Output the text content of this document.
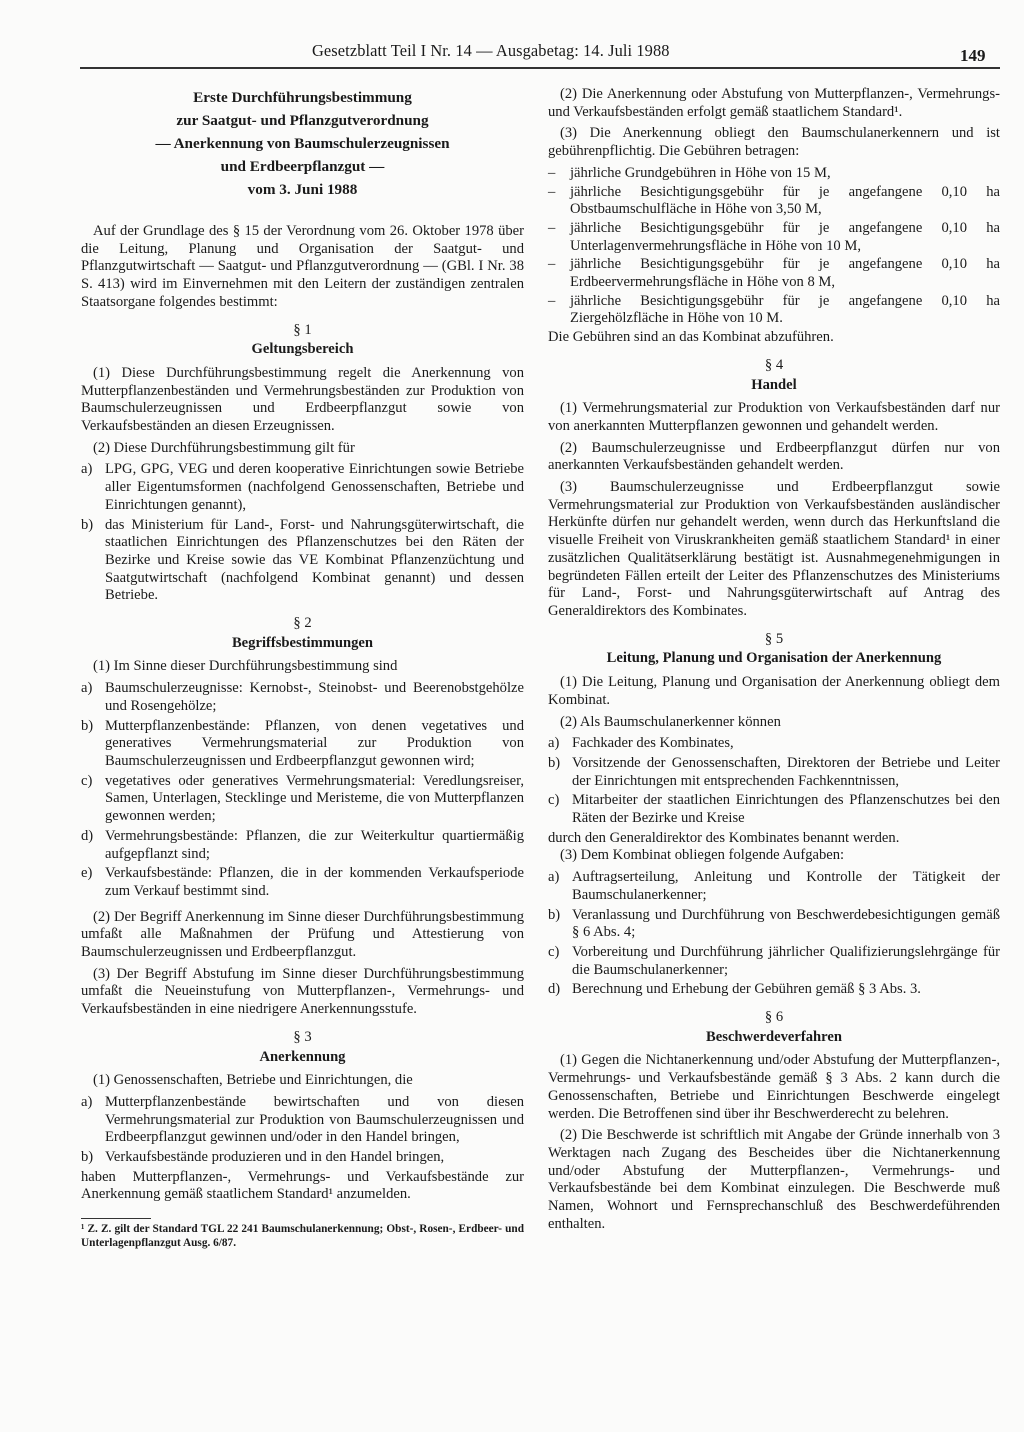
Gesetzblatt Teil I Nr. 14 — Ausgabetag: 14. Juli 1988	149
Erste Durchführungsbestimmung
zur Saatgut- und Pflanzgutverordnung
— Anerkennung von Baumschulerzeugnissen
und Erdbeerpflanzgut —
vom 3. Juni 1988

Auf der Grundlage des § 15 der Verordnung vom 26. Oktober 1978 über die Leitung, Planung und Organisation der Saatgut- und Pflanzgutwirtschaft — Saatgut- und Pflanzgutverordnung — (GBl. I Nr. 38 S. 413) wird im Einvernehmen mit den Leitern der zuständigen zentralen Staatsorgane folgendes bestimmt:

§ 1

Geltungsbereich

(1) Diese Durchführungsbestimmung regelt die Anerkennung von Mutterpflanzenbeständen und Vermehrungsbeständen zur Produktion von Baumschulerzeugnissen und Erdbeerpflanzgut sowie von Verkaufsbeständen an diesen Erzeugnissen.

(2) Diese Durchführungsbestimmung gilt für

a) LPG, GPG, VEG und deren kooperative Einrichtungen sowie Betriebe aller Eigentumsformen (nachfolgend Genossenschaften, Betriebe und Einrichtungen genannt),
b) das Ministerium für Land-, Forst- und Nahrungsgüterwirtschaft, die staatlichen Einrichtungen des Pflanzenschutzes bei den Räten der Bezirke und Kreise sowie das VE Kombinat Pflanzenzüchtung und Saatgutwirtschaft (nachfolgend Kombinat genannt) und dessen Betriebe.

§ 2

Begriffsbestimmungen

(1) Im Sinne dieser Durchführungsbestimmung sind

a) Baumschulerzeugnisse: Kernobst-, Steinobst- und Beerenobstgehölze und Rosengehölze;
b) Mutterpflanzenbestände: Pflanzen, von denen vegetatives und generatives Vermehrungsmaterial zur Produktion von Baumschulerzeugnissen und Erdbeerpflanzgut gewonnen wird;
c) vegetatives oder generatives Vermehrungsmaterial: Veredlungsreiser, Samen, Unterlagen, Stecklinge und Meristeme, die von Mutterpflanzen gewonnen werden;
d) Vermehrungsbestände: Pflanzen, die zur Weiterkultur quartiermäßig aufgepflanzt sind;
e) Verkaufsbestände: Pflanzen, die in der kommenden Verkaufsperiode zum Verkauf bestimmt sind.

(2) Der Begriff Anerkennung im Sinne dieser Durchführungsbestimmung umfaßt alle Maßnahmen der Prüfung und Attestierung von Baumschulerzeugnissen und Erdbeerpflanzgut.

(3) Der Begriff Abstufung im Sinne dieser Durchführungsbestimmung umfaßt die Neueinstufung von Mutterpflanzen-, Vermehrungs- und Verkaufsbeständen in eine niedrigere Anerkennungsstufe.

§ 3

Anerkennung

(1) Genossenschaften, Betriebe und Einrichtungen, die

a) Mutterpflanzenbestände bewirtschaften und von diesen Vermehrungsmaterial zur Produktion von Baumschulerzeugnissen und Erdbeerpflanzgut gewinnen und/oder in den Handel bringen,
b) Verkaufsbestände produzieren und in den Handel bringen,

haben Mutterpflanzen-, Vermehrungs- und Verkaufsbestände zur Anerkennung gemäß staatlichem Standard¹ anzumelden.

¹ Z. Z. gilt der Standard TGL 22 241 Baumschulanerkennung; Obst-, Rosen-, Erdbeer- und Unterlagenpflanzgut Ausg. 6/87.

(2) Die Anerkennung oder Abstufung von Mutterpflanzen-, Vermehrungs- und Verkaufsbeständen erfolgt gemäß staatlichem Standard¹.

(3) Die Anerkennung obliegt den Baumschulanerkennern und ist gebührenpflichtig. Die Gebühren betragen:

–	jährliche Grundgebühren in Höhe von 15 M,
–	jährliche Besichtigungsgebühr für je angefangene 0,10 ha Obstbaumschulfläche in Höhe von 3,50 M,
–	jährliche Besichtigungsgebühr für je angefangene 0,10 ha Unterlagenvermehrungsfläche in Höhe von 10 M,
–	jährliche Besichtigungsgebühr für je angefangene 0,10 ha Erdbeervermehrungsfläche in Höhe von 8 M,
–	jährliche Besichtigungsgebühr für je angefangene 0,10 ha Ziergehölzfläche in Höhe von 10 M.

Die Gebühren sind an das Kombinat abzuführen.

§ 4

Handel

(1) Vermehrungsmaterial zur Produktion von Verkaufsbeständen darf nur von anerkannten Mutterpflanzen gewonnen und gehandelt werden.

(2) Baumschulerzeugnisse und Erdbeerpflanzgut dürfen nur von anerkannten Verkaufsbeständen gehandelt werden.

(3) Baumschulerzeugnisse und Erdbeerpflanzgut sowie Vermehrungsmaterial zur Produktion von Verkaufsbeständen ausländischer Herkünfte dürfen nur gehandelt werden, wenn durch das Herkunftsland die visuelle Freiheit von Viruskrankheiten gemäß staatlichem Standard¹ in einer zusätzlichen Qualitätserklärung bestätigt ist. Ausnahmegenehmigungen in begründeten Fällen erteilt der Leiter des Pflanzenschutzes des Ministeriums für Land-, Forst- und Nahrungsgüterwirtschaft auf Antrag des Generaldirektors des Kombinates.

§ 5

Leitung, Planung und Organisation der Anerkennung

(1) Die Leitung, Planung und Organisation der Anerkennung obliegt dem Kombinat.

(2) Als Baumschulanerkenner können

a) Fachkader des Kombinates,
b) Vorsitzende der Genossenschaften, Direktoren der Betriebe und Leiter der Einrichtungen mit entsprechenden Fachkenntnissen,
c) Mitarbeiter der staatlichen Einrichtungen des Pflanzenschutzes bei den Räten der Bezirke und Kreise

durch den Generaldirektor des Kombinates benannt werden.

(3) Dem Kombinat obliegen folgende Aufgaben:

a) Auftragserteilung, Anleitung und Kontrolle der Tätigkeit der Baumschulanerkenner;
b) Veranlassung und Durchführung von Beschwerdebesichtigungen gemäß § 6 Abs. 4;
c) Vorbereitung und Durchführung jährlicher Qualifizierungslehrgänge für die Baumschulanerkenner;
d) Berechnung und Erhebung der Gebühren gemäß § 3 Abs. 3.

§ 6

Beschwerdeverfahren

(1) Gegen die Nichtanerkennung und/oder Abstufung der Mutterpflanzen-, Vermehrungs- und Verkaufsbestände gemäß § 3 Abs. 2 kann durch die Genossenschaften, Betriebe und Einrichtungen Beschwerde eingelegt werden. Die Betroffenen sind über ihr Beschwerderecht zu belehren.

(2) Die Beschwerde ist schriftlich mit Angabe der Gründe innerhalb von 3 Werktagen nach Zugang des Bescheides über die Nichtanerkennung und/oder Abstufung der Mutterpflanzen-, Vermehrungs- und Verkaufsbestände bei dem Kombinat einzulegen. Die Beschwerde muß Namen, Wohnort und Fernsprechanschluß des Beschwerdeführenden enthalten.
